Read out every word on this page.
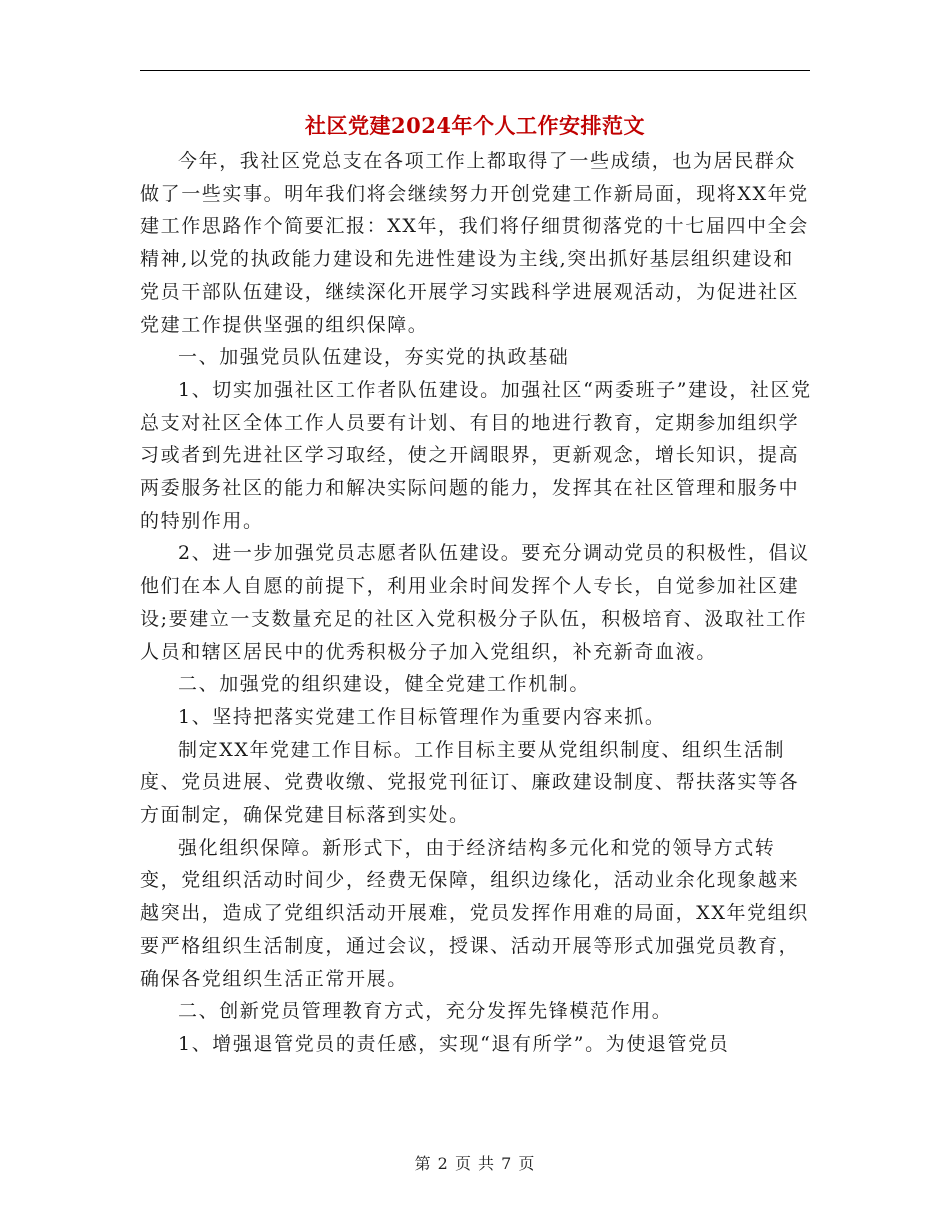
社区党建2024年个人工作安排范文

今年，我社区党总支在各项工作上都取得了一些成绩，也为居民群众做了一些实事。明年我们将会继续努力开创党建工作新局面，现将XX年党建工作思路作个简要汇报：XX年，我们将仔细贯彻落党的十七届四中全会精神,以党的执政能力建设和先进性建设为主线,突出抓好基层组织建设和党员干部队伍建设，继续深化开展学习实践科学进展观活动，为促进社区党建工作提供坚强的组织保障。

一、加强党员队伍建设，夯实党的执政基础

1、切实加强社区工作者队伍建设。加强社区“两委班子”建设，社区党总支对社区全体工作人员要有计划、有目的地进行教育，定期参加组织学习或者到先进社区学习取经，使之开阔眼界，更新观念，增长知识，提高两委服务社区的能力和解决实际问题的能力，发挥其在社区管理和服务中的特别作用。

2、进一步加强党员志愿者队伍建设。要充分调动党员的积极性，倡议他们在本人自愿的前提下，利用业余时间发挥个人专长，自觉参加社区建设;要建立一支数量充足的社区入党积极分子队伍，积极培育、汲取社工作人员和辖区居民中的优秀积极分子加入党组织，补充新奇血液。

二、加强党的组织建设，健全党建工作机制。

1、坚持把落实党建工作目标管理作为重要内容来抓。

制定XX年党建工作目标。工作目标主要从党组织制度、组织生活制度、党员进展、党费收缴、党报党刊征订、廉政建设制度、帮扶落实等各方面制定，确保党建目标落到实处。

强化组织保障。新形式下，由于经济结构多元化和党的领导方式转变，党组织活动时间少，经费无保障，组织边缘化，活动业余化现象越来越突出，造成了党组织活动开展难，党员发挥作用难的局面，XX年党组织要严格组织生活制度，通过会议，授课、活动开展等形式加强党员教育，确保各党组织生活正常开展。

二、创新党员管理教育方式，充分发挥先锋模范作用。

1、增强退管党员的责任感，实现“退有所学”。为使退管党员

第 2 页 共 7 页
